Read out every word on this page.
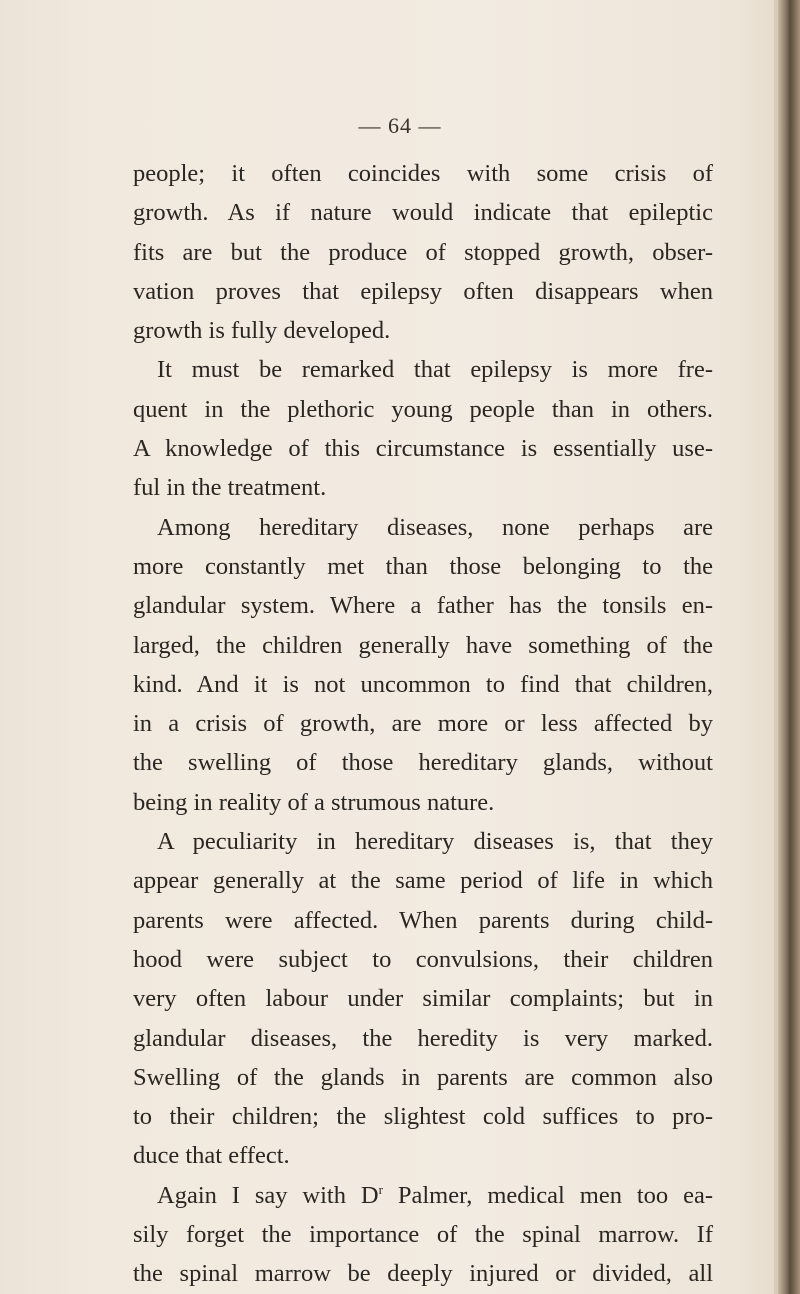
— 64 —
people; it often coincides with some crisis of
growth. As if nature would indicate that epileptic
fits are but the produce of stopped growth, obser-
vation proves that epilepsy often disappears when
growth is fully developed.
It must be remarked that epilepsy is more fre-
quent in the plethoric young people than in others.
A knowledge of this circumstance is essentially use-
ful in the treatment.
Among hereditary diseases, none perhaps are
more constantly met than those belonging to the
glandular system. Where a father has the tonsils en-
larged, the children generally have something of the
kind. And it is not uncommon to find that children,
in a crisis of growth, are more or less affected by
the swelling of those hereditary glands, without
being in reality of a strumous nature.
A peculiarity in hereditary diseases is, that they
appear generally at the same period of life in which
parents were affected. When parents during child-
hood were subject to convulsions, their children
very often labour under similar complaints; but in
glandular diseases, the heredity is very marked.
Swelling of the glands in parents are common also
to their children; the slightest cold suffices to pro-
duce that effect.
Again I say with $D^r$ Palmer, medical men too ea-
sily forget the importance of the spinal marrow. If
the spinal marrow be deeply injured or divided, all
